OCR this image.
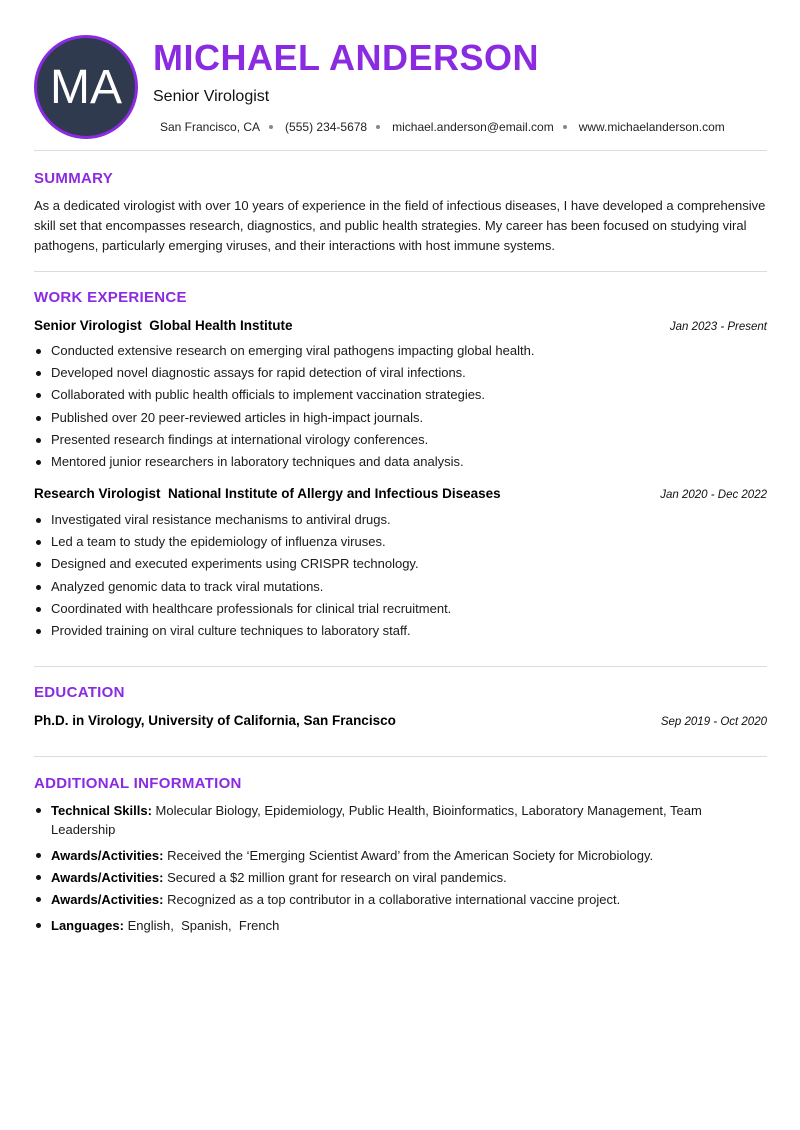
MA
MICHAEL ANDERSON
Senior Virologist
San Francisco, CA (555) 234-5678 michael.anderson@email.com www.michaelanderson.com
SUMMARY

As a dedicated virologist with over 10 years of experience in the field of infectious diseases, I have developed a comprehensive skill set that encompasses research, diagnostics, and public health strategies. My career has been focused on studying viral pathogens, particularly emerging viruses, and their interactions with host immune systems.

WORK EXPERIENCE
Senior Virologist  Global Health Institute	Jan 2023 - Present
Conducted extensive research on emerging viral pathogens impacting global health.
Developed novel diagnostic assays for rapid detection of viral infections.
Collaborated with public health officials to implement vaccination strategies.
Published over 20 peer-reviewed articles in high-impact journals.
Presented research findings at international virology conferences.
Mentored junior researchers in laboratory techniques and data analysis.
Research Virologist  National Institute of Allergy and Infectious Diseases	Jan 2020 - Dec 2022
Investigated viral resistance mechanisms to antiviral drugs.
Led a team to study the epidemiology of influenza viruses.
Designed and executed experiments using CRISPR technology.
Analyzed genomic data to track viral mutations.
Coordinated with healthcare professionals for clinical trial recruitment.
Provided training on viral culture techniques to laboratory staff.
EDUCATION
Ph.D. in Virology, University of California, San Francisco	Sep 2019 - Oct 2020
ADDITIONAL INFORMATION
Technical Skills: Molecular Biology, Epidemiology, Public Health, Bioinformatics, Laboratory Management, Team Leadership
Awards/Activities: Received the ‘Emerging Scientist Award’ from the American Society for Microbiology.
Awards/Activities: Secured a $2 million grant for research on viral pandemics.
Awards/Activities: Recognized as a top contributor in a collaborative international vaccine project.
Languages: English,  Spanish,  French
